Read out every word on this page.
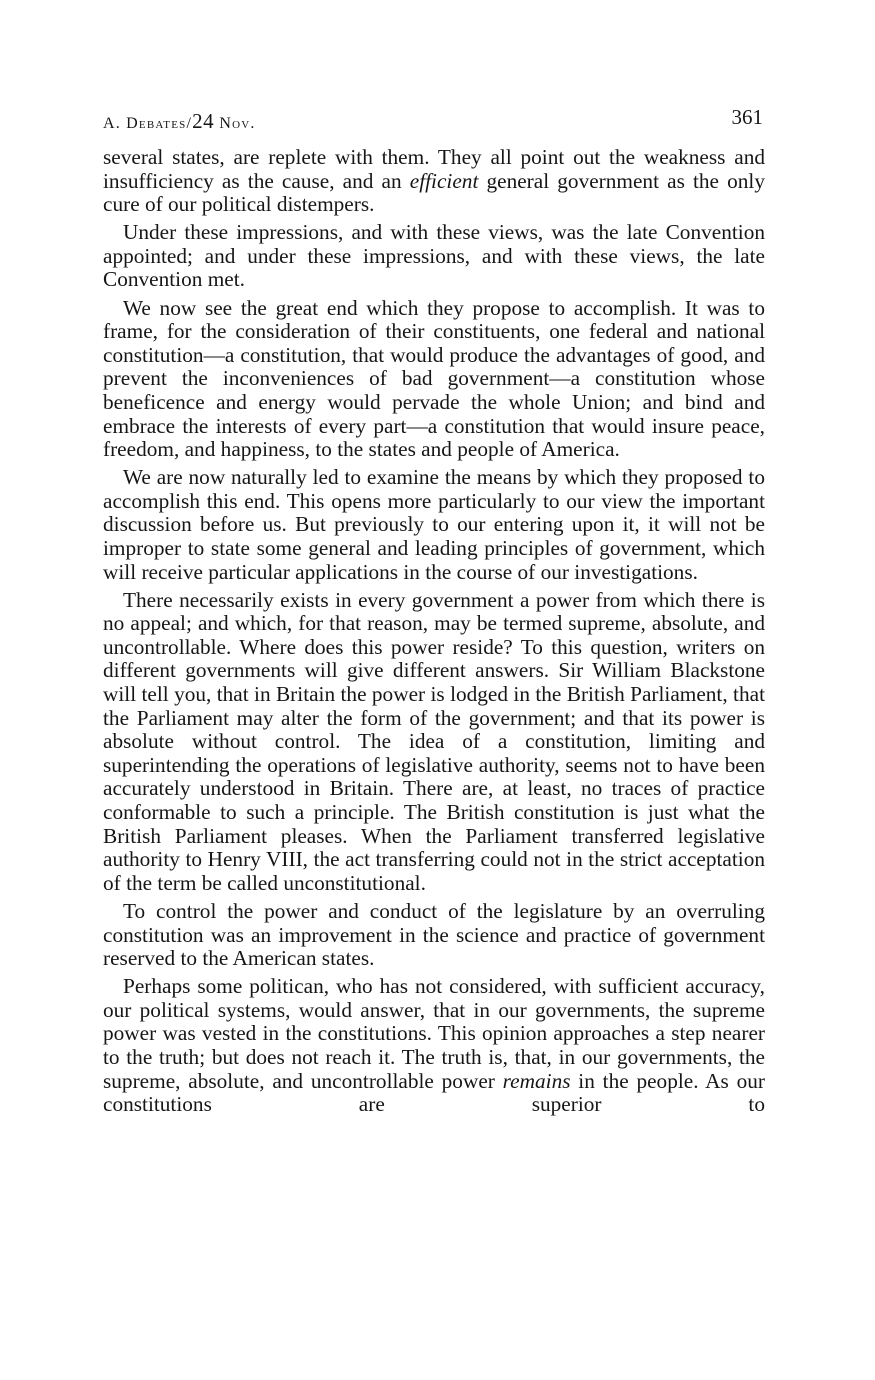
A. Debates/24 Nov.	361

several states, are replete with them. They all point out the weakness and insufficiency as the cause, and an efficient general government as the only cure of our political distempers.

Under these impressions, and with these views, was the late Convention appointed; and under these impressions, and with these views, the late Convention met.

We now see the great end which they propose to accomplish. It was to frame, for the consideration of their constituents, one federal and national constitution—a constitution, that would produce the advantages of good, and prevent the inconveniences of bad government—a constitution whose beneficence and energy would pervade the whole Union; and bind and embrace the interests of every part—a constitution that would insure peace, freedom, and happiness, to the states and people of America.

We are now naturally led to examine the means by which they proposed to accomplish this end. This opens more particularly to our view the important discussion before us. But previously to our entering upon it, it will not be improper to state some general and leading principles of government, which will receive particular applications in the course of our investigations.

There necessarily exists in every government a power from which there is no appeal; and which, for that reason, may be termed supreme, absolute, and uncontrollable. Where does this power reside? To this question, writers on different governments will give different answers. Sir William Blackstone will tell you, that in Britain the power is lodged in the British Parliament, that the Parliament may alter the form of the government; and that its power is absolute without control. The idea of a constitution, limiting and superintending the operations of legislative authority, seems not to have been accurately understood in Britain. There are, at least, no traces of practice conformable to such a principle. The British constitution is just what the British Parliament pleases. When the Parliament transferred legislative authority to Henry VIII, the act transferring could not in the strict acceptation of the term be called unconstitutional.

To control the power and conduct of the legislature by an overruling constitution was an improvement in the science and practice of government reserved to the American states.

Perhaps some politican, who has not considered, with sufficient accuracy, our political systems, would answer, that in our governments, the supreme power was vested in the constitutions. This opinion approaches a step nearer to the truth; but does not reach it. The truth is, that, in our governments, the supreme, absolute, and uncontrollable power remains in the people. As our constitutions are superior to
